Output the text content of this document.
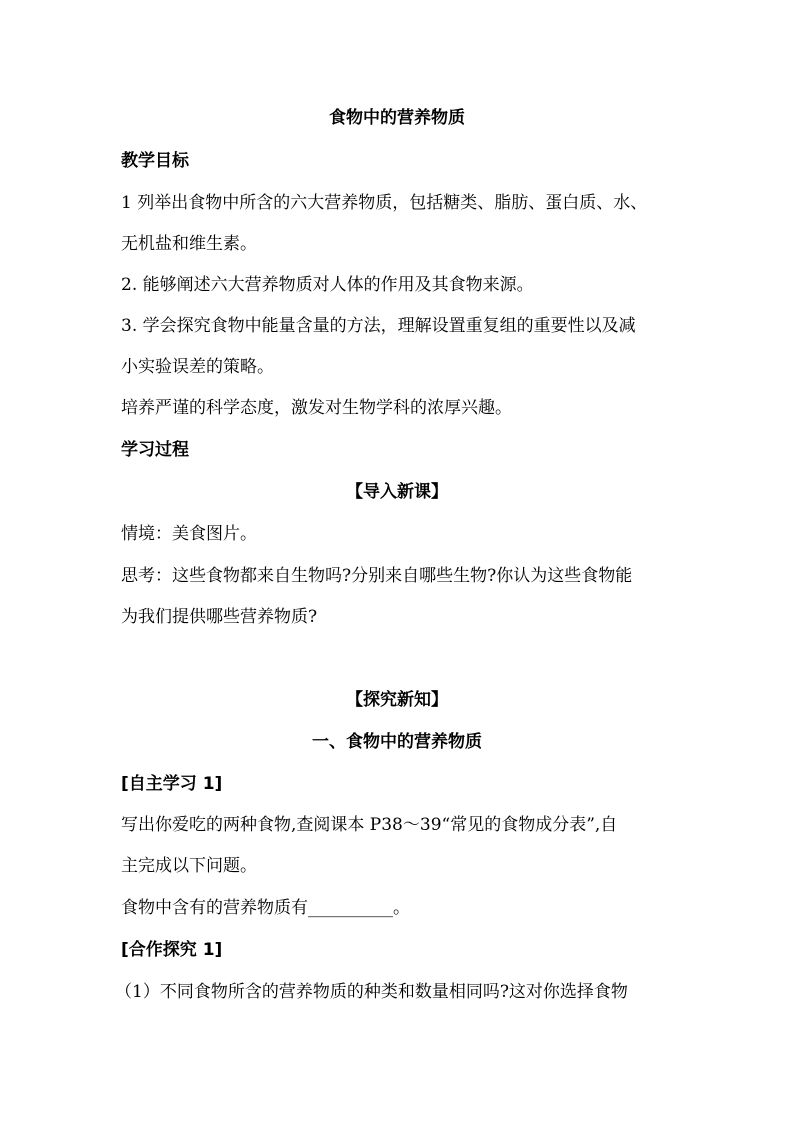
食物中的营养物质
教学目标
1 列举出食物中所含的六大营养物质，包括糖类、脂肪、蛋白质、水、
无机盐和维生素。
2. 能够阐述六大营养物质对人体的作用及其食物来源。
3. 学会探究食物中能量含量的方法，理解设置重复组的重要性以及减
小实验误差的策略。
培养严谨的科学态度，激发对生物学科的浓厚兴趣。
学习过程
【导入新课】
情境：美食图片。
思考：这些食物都来自生物吗?分别来自哪些生物?你认为这些食物能
为我们提供哪些营养物质?
【探究新知】
一、食物中的营养物质
[自主学习 1]
写出你爱吃的两种食物,查阅课本 P38～39“常见的食物成分表”,自
主完成以下问题。
食物中含有的营养物质有__________。
[合作探究 1]
（1）不同食物所含的营养物质的种类和数量相同吗?这对你选择食物
